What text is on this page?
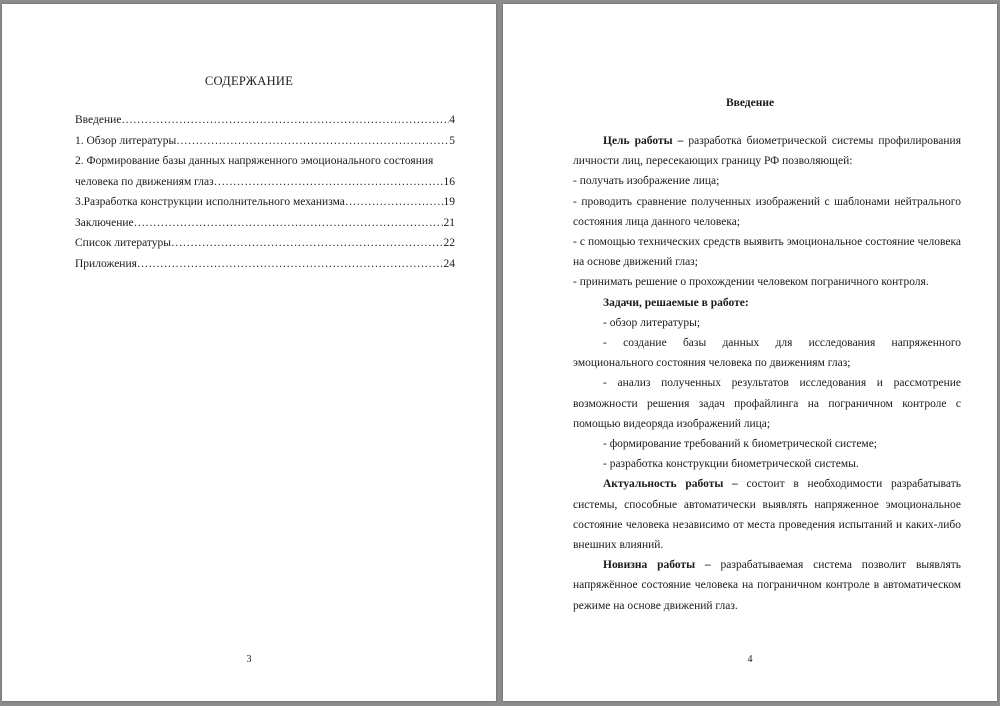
СОДЕРЖАНИЕ
Введение ……………………………………………………………………………………………………………………………………………………	4
1. Обзор литературы ……………………………………………………………………………………………………………………………………………………	5
2. Формирование базы данных напряженного эмоционального состояния
человека по движениям глаз ……………………………………………………………………………………………………………………………………………………	16
3.Разработка конструкции исполнительного механизма ……………………………………………………………………………………………………………………………………………………	19
Заключение ……………………………………………………………………………………………………………………………………………………	21
Список литературы ……………………………………………………………………………………………………………………………………………………	22
Приложения ……………………………………………………………………………………………………………………………………………………	24
3
Введение

Цель работы – разработка биометрической системы профилирования личности лиц, пересекающих границу РФ позволяющей:

- получать изображение лица;

- проводить сравнение полученных изображений с шаблонами нейтрального состояния лица данного человека;

- с помощью технических средств выявить эмоциональное состояние человека на основе движений глаз;

- принимать решение о прохождении человеком пограничного контроля.

Задачи, решаемые в работе:

- обзор литературы;

- создание базы данных для исследования напряженного эмоционального состояния человека по движениям глаз;

- анализ полученных результатов исследования и рассмотрение возможности решения задач профайлинга на пограничном контроле с помощью видеоряда изображений лица;

- формирование требований к биометрической системе;

- разработка конструкции биометрической системы.

Актуальность работы – состоит в необходимости разрабатывать системы, способные автоматически выявлять напряженное эмоциональное состояние человека независимо от места проведения испытаний и каких-либо внешних влияний.

Новизна работы – разрабатываемая система позволит выявлять напряжённое состояние человека на пограничном контроле в автоматическом режиме на основе движений глаз.

4
